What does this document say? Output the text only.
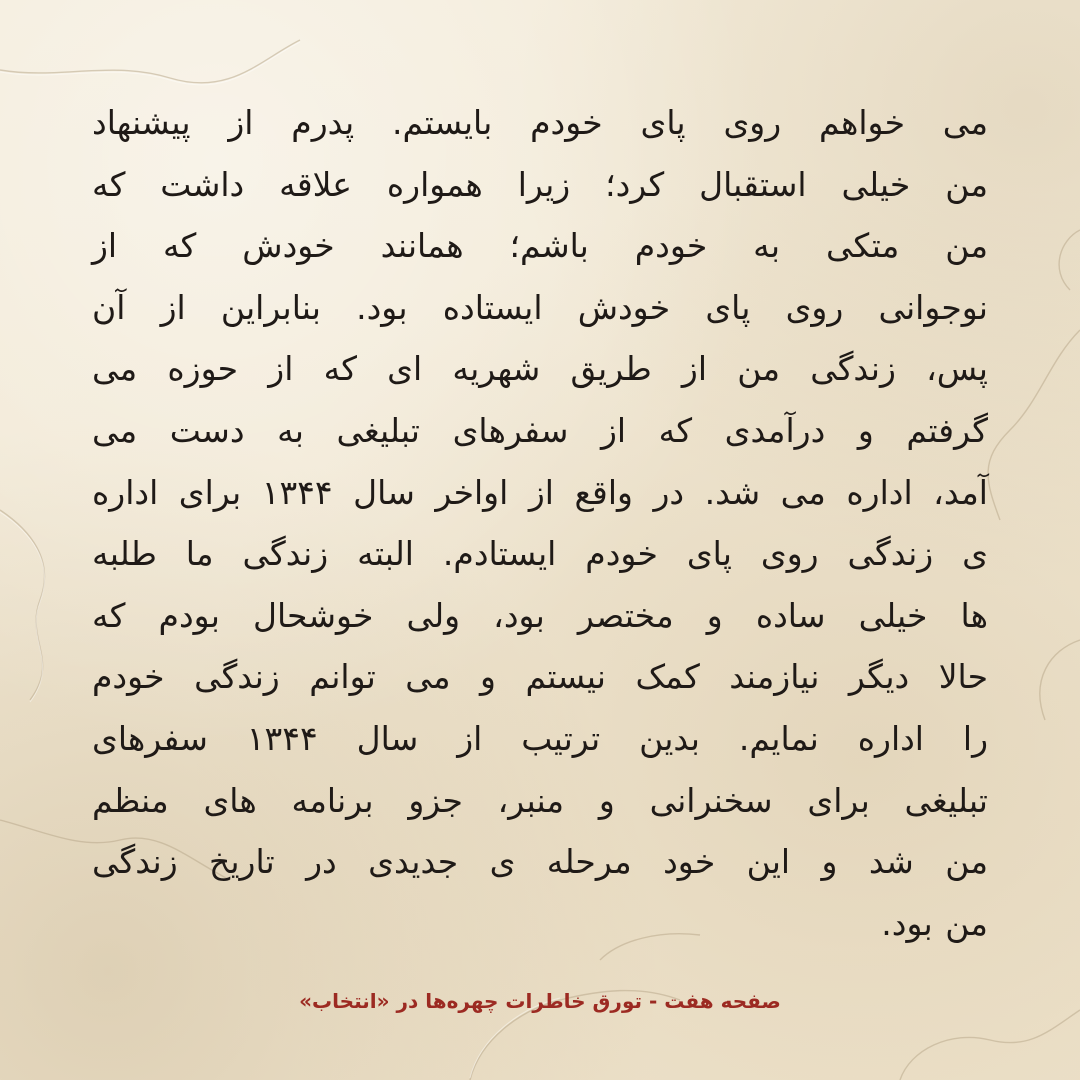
می خواهم روی پای خودم بایستم. پدرم از پیشنهاد
من خیلی استقبال کرد؛ زیرا همواره علاقه داشت که
من متکی به خودم باشم؛ همانند خودش که از
نوجوانی روی پای خودش ایستاده بود. بنابراین از آن
پس، زندگی من از طریق شهریه ای که از حوزه می
گرفتم و درآمدی که از سفرهای تبلیغی به دست می
آمد، اداره می شد. در واقع از اواخر سال ۱۳۴۴ برای اداره
ی زندگی روی پای خودم ایستادم. البته زندگی ما طلبه
ها خیلی ساده و مختصر بود، ولی خوشحال بودم که
حالا دیگر نیازمند کمک نیستم و می توانم زندگی خودم
را اداره نمایم. بدین ترتیب از سال ۱۳۴۴ سفرهای
تبلیغی برای سخنرانی و منبر، جزو برنامه های منظم
من شد و این خود مرحله ی جدیدی در تاریخ زندگی
من بود.
صفحه هفت - تورق خاطرات چهره‌ها در «انتخاب»
